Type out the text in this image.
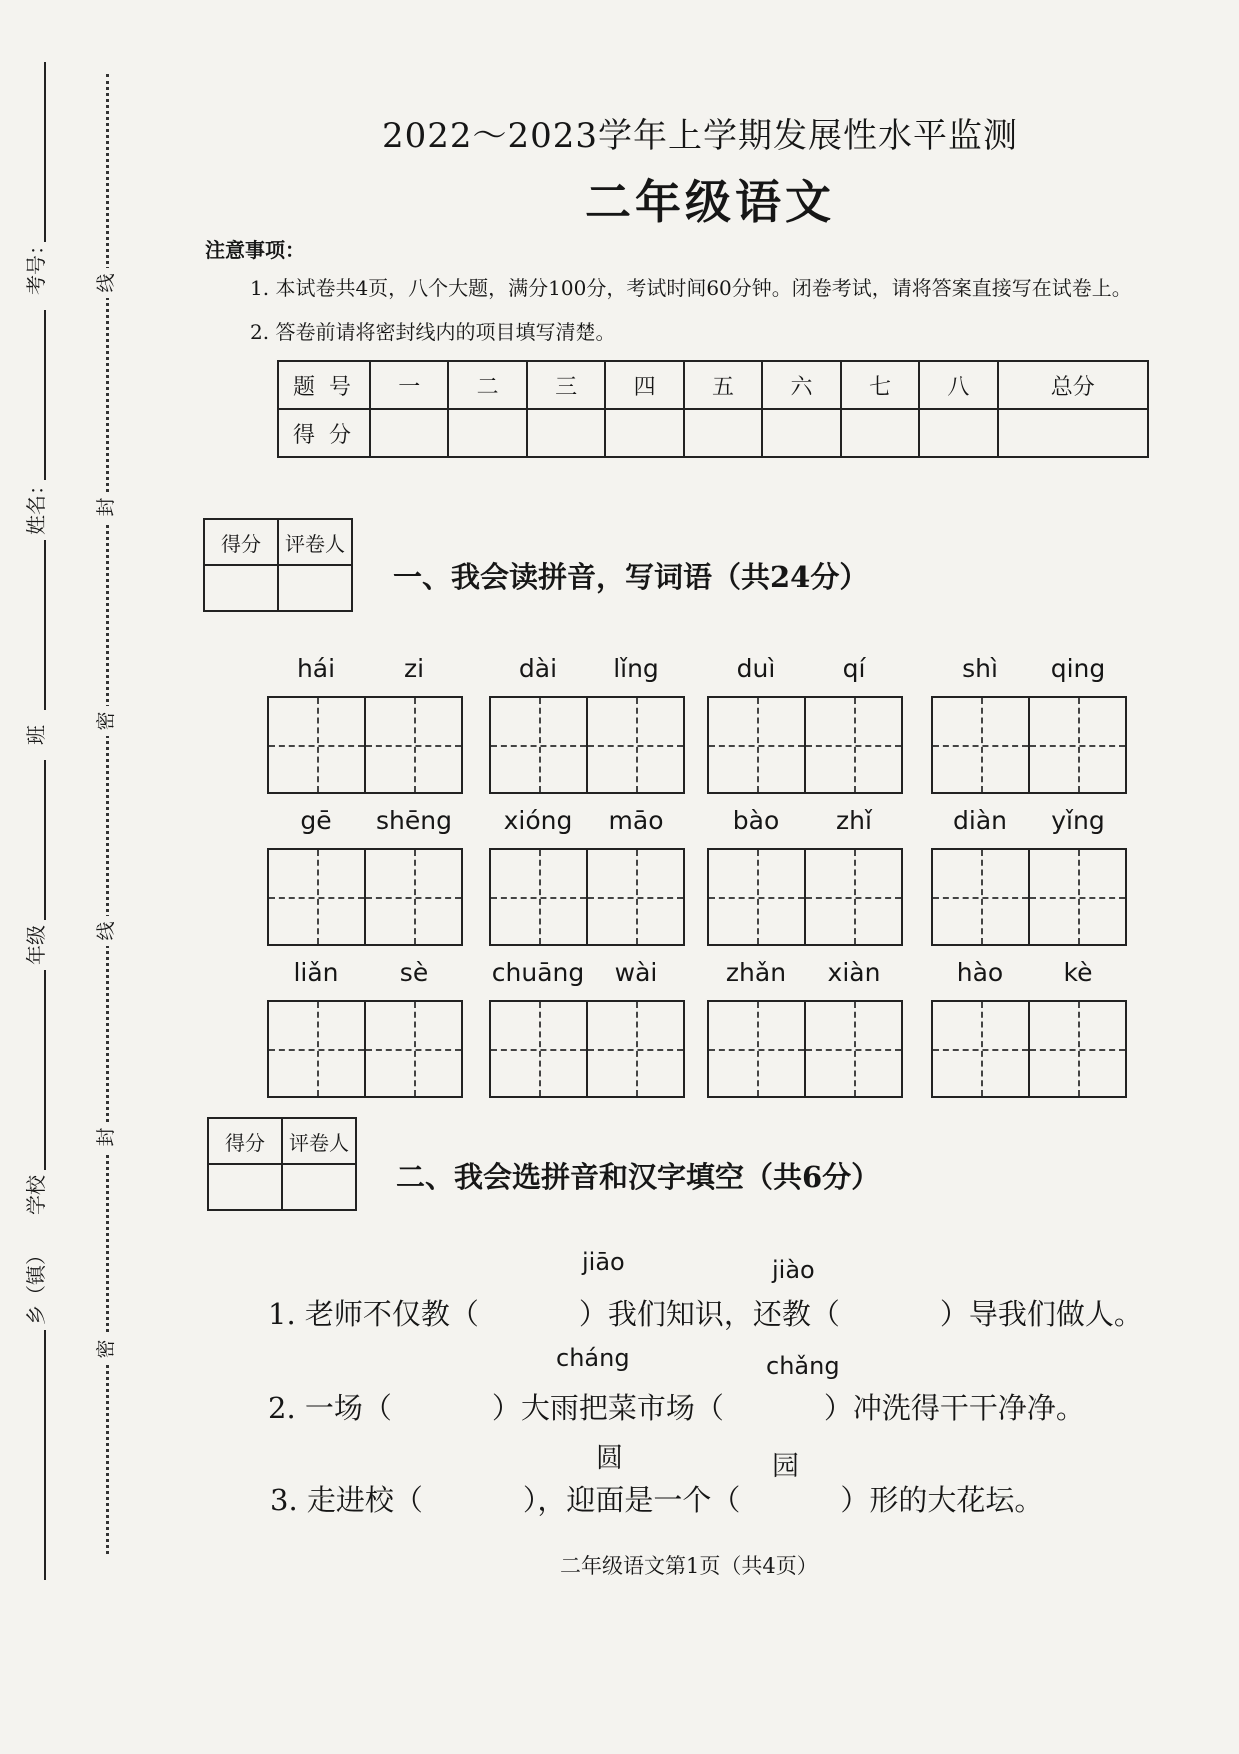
考号：
姓名：
班
年级
学校
乡（镇）
线
封
密
线
封
密
2022～2023学年上学期发展性水平监测
二年级语文
注意事项：
1. 本试卷共4页，八个大题，满分100分，考试时间60分钟。闭卷考试，请将答案直接写在试卷上。
2. 答卷前请将密封线内的项目填写清楚。
题号	一	二	三	四	五	六	七	八	总分
得分									
得分	评卷人

一、我会读拼音，写词语（共24分）
hái	zi	dài	lǐng	duì	qí	shì	qing
gē	shēng	xióng	māo	bào	zhǐ	diàn	yǐng
liǎn	sè	chuāng	wài	zhǎn	xiàn	hào	kè
得分	评卷人

二、我会选拼音和汉字填空（共6分）
jiāo	jiào
1. 老师不仅教（	）我们知识，还教（	）导我们做人。
cháng	chǎng
2. 一场（	）大雨把菜市场（	）冲洗得干干净净。
圆	园
3. 走进校（	），迎面是一个（	）形的大花坛。
二年级语文第1页（共4页）
